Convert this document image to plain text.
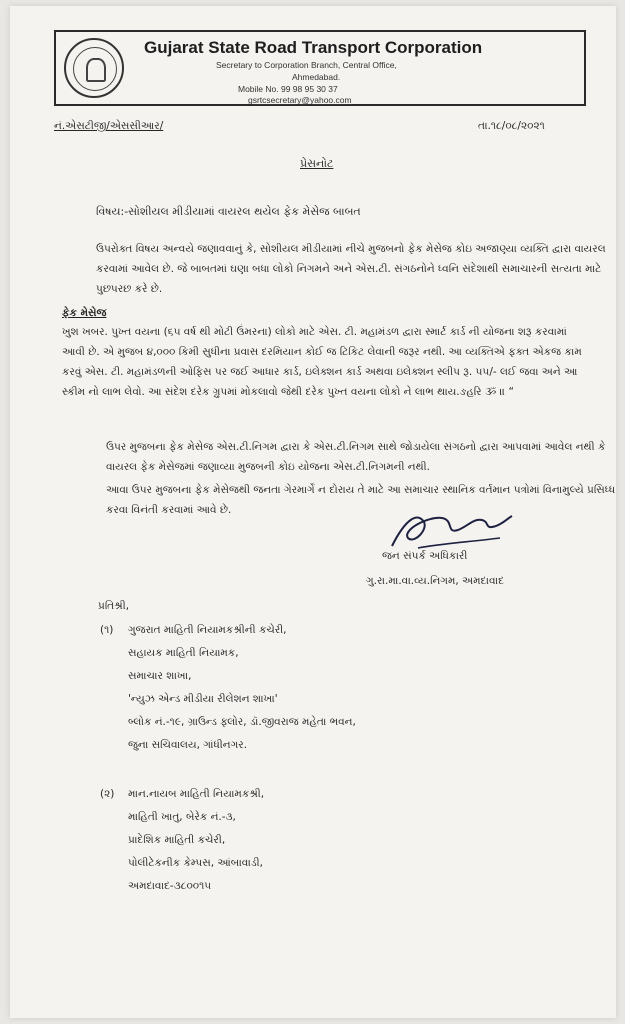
Gujarat State Road Transport Corporation
Secretary to Corporation Branch, Central Office,
Ahmedabad.
Mobile No. 99 98 95 30 37
gsrtcsecretary@yahoo.com
નં.એસટીજી/એસસીઆર/	તા.૧૮/૦૮/૨૦૨૧
પ્રેસનોટ
વિષય:-સોશીયલ મીડીયામાં વાયરલ થયેલ ફેક મેસેજ બાબત
ઉપરોક્ત વિષય અન્વયે જણાવવાનું કે, સોશીયલ મીડીયામાં નીચે મુજબનો ફેક મેસેજ કોઇ અજાણ્યા વ્યક્તિ દ્વારા વાયરલ કરવામાં આવેલ છે. જે બાબતમાં ઘણા બધા લોકો નિગમને અને એસ.ટી. સંગઠનોને ધ્વનિ સંદેશાથી સમાચારની સત્યતા માટે પુછપરછ કરે છે.
ફેક મેસેજ
ખુશ ખબર. પુખ્ત વયના (૬૫ વર્ષ થી મોટી ઉંમરના) લોકો માટે એસ. ટી. મહામંડળ દ્વારા સ્માર્ટ કાર્ડ ની યોજના શરૂ કરવામાં આવી છે. એ મુજબ ૪,૦૦૦ કિમી સુધીના પ્રવાસ દરમિયાન કોઈ જ ટિકિટ લેવાની જરૂર નથી. આ વ્યક્તિએ ફક્ત એકજ કામ કરવું એસ. ટી. મહામંડળની ઓફિસ પર જઈ આધાર કાર્ડ, ઇલેક્શન કાર્ડ અથવા ઇલેક્શન સ્લીપ રૂ. ૫૫/- લઈ જવા અને આ સ્કીમ નો લાભ લેવો. આ સંદેશ દરેક ગ્રુપમાં મોકલાવો જેથી દરેક પુખ્ત વયના લોકો ને લાભ થાય.ઙહરિ ૐ ॥ “
ઉપર મુજબના ફેક મેસેજ એસ.ટી.નિગમ દ્વારા કે એસ.ટી.નિગમ સાથે જોડાયેલા સંગઠનો દ્વારા આપવામાં આવેલ નથી કે વાયરલ ફેક મેસેજમાં જણાવ્યા મુજબની કોઇ યોજના એસ.ટી.નિગમની નથી.
આવા ઉપર મુજબના ફેક મેસેજથી જનતા ગેરમાર્ગે ન દોરાય તે માટે આ સમાચાર સ્થાનિક વર્તમાન પત્રોમાં વિનામુલ્યે પ્રસિધ્ધ કરવા વિનંતી કરવામાં આવે છે.
જન સંપર્ક અધિકારી
ગુ.રા.મા.વા.વ્ય.નિગમ, અમદાવાદ
પ્રતિશ્રી,
(૧) ગુજરાત માહિતી નિયામકશ્રીની કચેરી,
સહાયક માહિતી નિયામક,
સમાચાર શાખા,
'ન્યુઝ એન્ડ મીડીયા રીલેશન શાખા'
બ્લોક નં.-૧૯, ગ્રાઉન્ડ ફ્લોર, ડૉ.જીવરાજ મહેતા ભવન,
જુના સચિવાલય, ગાંધીનગર.
(૨) માન.નાયબ માહિતી નિયામકશ્રી,
માહિતી ખાતુ, બેરેક નં.-૩,
પ્રાદેશિક માહિતી કચેરી,
પોલીટેકનીક કેમ્પસ, આંબાવાડી,
અમદાવાદ-૩૮૦૦૧૫
